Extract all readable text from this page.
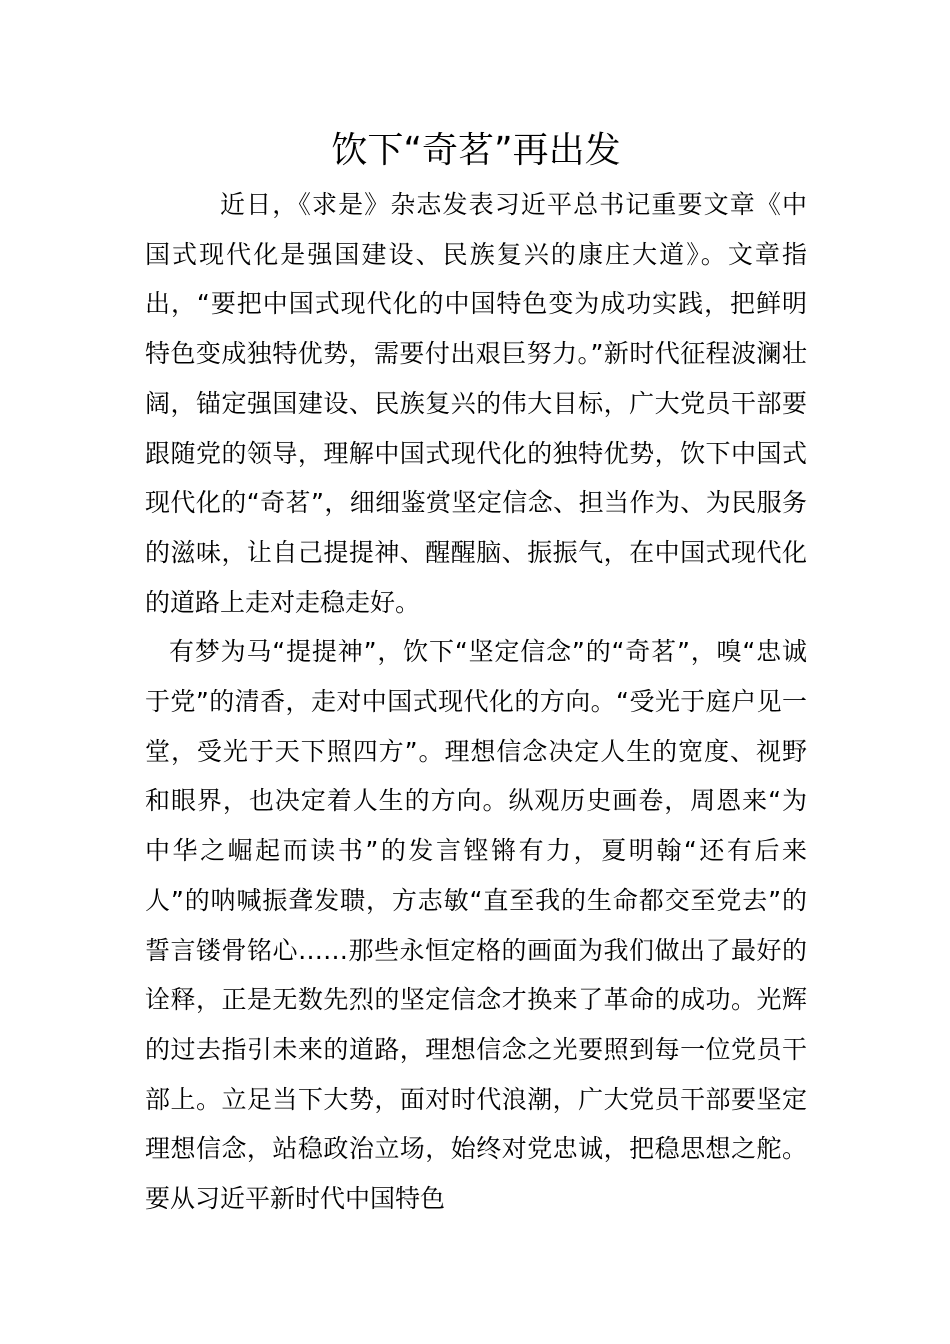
饮下“奇茗”再出发

近日，《求是》杂志发表习近平总书记重要文章《中国式现代化是强国建设、民族复兴的康庄大道》。文章指出，“要把中国式现代化的中国特色变为成功实践，把鲜明特色变成独特优势，需要付出艰巨努力。”新时代征程波澜壮阔，锚定强国建设、民族复兴的伟大目标，广大党员干部要跟随党的领导，理解中国式现代化的独特优势，饮下中国式现代化的“奇茗”，细细鉴赏坚定信念、担当作为、为民服务的滋味，让自己提提神、醒醒脑、振振气，在中国式现代化的道路上走对走稳走好。

有梦为马“提提神”，饮下“坚定信念”的“奇茗”，嗅“忠诚于党”的清香，走对中国式现代化的方向。“受光于庭户见一堂，受光于天下照四方”。理想信念决定人生的宽度、视野和眼界，也决定着人生的方向。纵观历史画卷，周恩来“为中华之崛起而读书”的发言铿锵有力，夏明翰“还有后来人”的呐喊振聋发聩，方志敏“直至我的生命都交至党去”的誓言镂骨铭心……那些永恒定格的画面为我们做出了最好的诠释，正是无数先烈的坚定信念才换来了革命的成功。光辉的过去指引未来的道路，理想信念之光要照到每一位党员干部上。立足当下大势，面对时代浪潮，广大党员干部要坚定理想信念，站稳政治立场，始终对党忠诚，把稳思想之舵。要从习近平新时代中国特色
